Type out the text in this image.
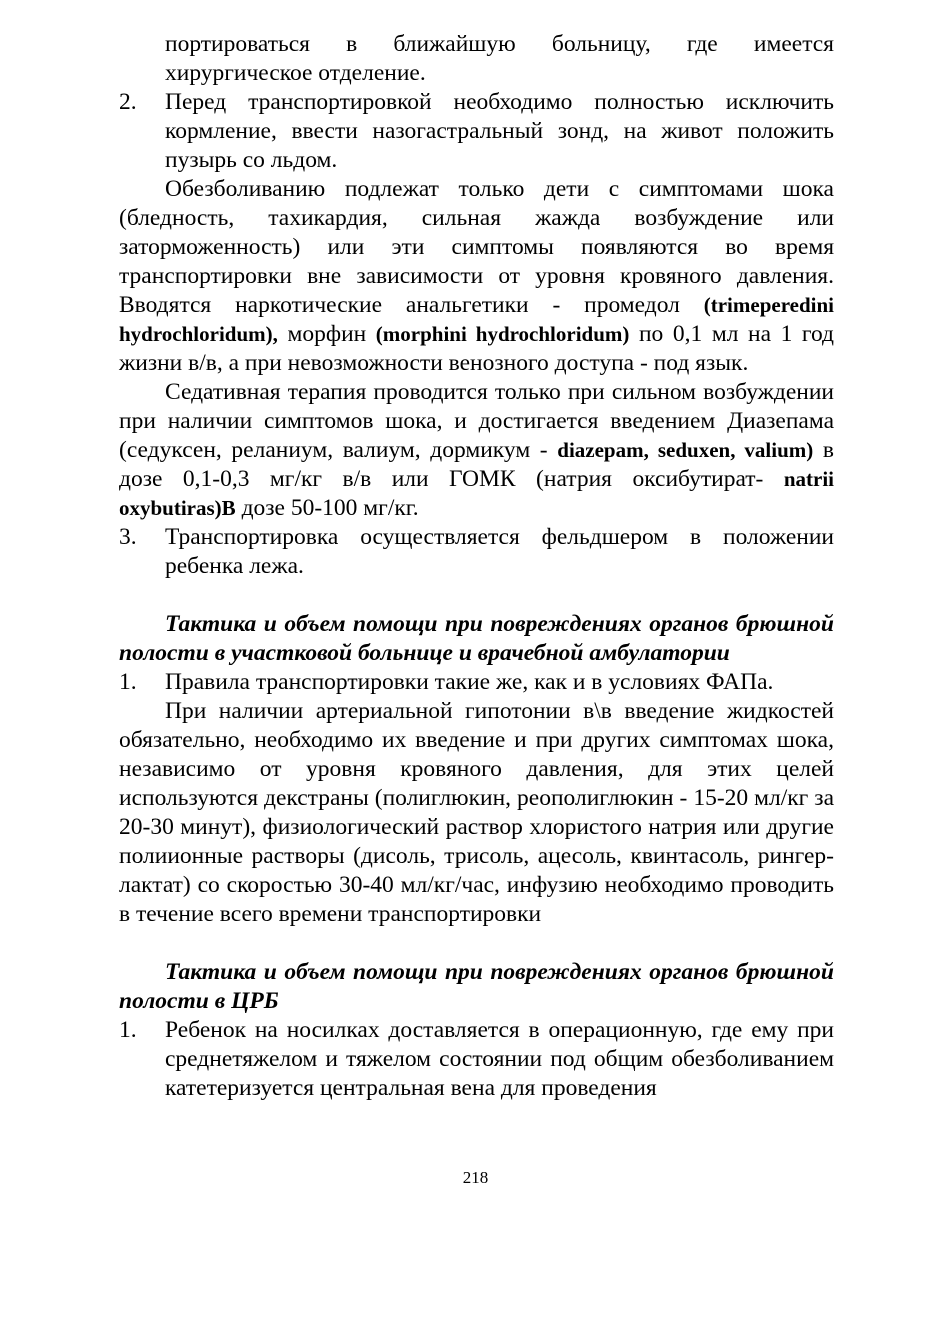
портироваться в ближайшую больницу, где имеется хирургическое отделение.
2. Перед транспортировкой необходимо полностью исключить кормление, ввести назогастральный зонд, на живот положить пузырь со льдом.
Обезболиванию подлежат только дети с симптомами шока (бледность, тахикардия, сильная жажда возбуждение или заторможенность) или эти симптомы появляются во время транспортировки вне зависимости от уровня кровяного давления. Вводятся наркотические анальгетики - промедол (trimeperedini hydrochloridum), морфин (morphini hydrochloridum) по 0,1 мл на 1 год жизни в/в, а при невозможности венозного доступа - под язык.
Седативная терапия проводится только при сильном возбуждении при наличии симптомов шока, и достигается введением Диазепама (седуксен, реланиум, валиум, дормикум - diazepam, seduxen, valium) в дозе 0,1-0,3 мг/кг в/в или ГОМК (натрия оксибутират- natrii oxybutiras)В дозе 50-100 мг/кг.
3. Транспортировка осуществляется фельдшером в положении ребенка лежа.
Тактика и объем помощи при повреждениях органов брюшной полости в участковой больнице и врачебной амбулатории
1. Правила транспортировки такие же, как и в условиях ФАПа.
При наличии артериальной гипотонии в\в введение жидкостей обязательно, необходимо их введение и при других симптомах шока, независимо от уровня кровяного давления, для этих целей используются декстраны (полиглюкин, реополиглюкин - 15-20 мл/кг за 20-30 минут), физиологический раствор хлористого натрия или другие полиионные растворы (дисоль, трисоль, ацесоль, квинтасоль, рингер-лактат) со скоростью 30-40 мл/кг/час, инфузию необходимо проводить в течение всего времени транспортировки
Тактика и объем помощи при повреждениях органов брюшной полости в ЦРБ
1. Ребенок на носилках доставляется в операционную, где ему при среднетяжелом и тяжелом состоянии под общим обезболиванием катетеризуется центральная вена для проведения
218
